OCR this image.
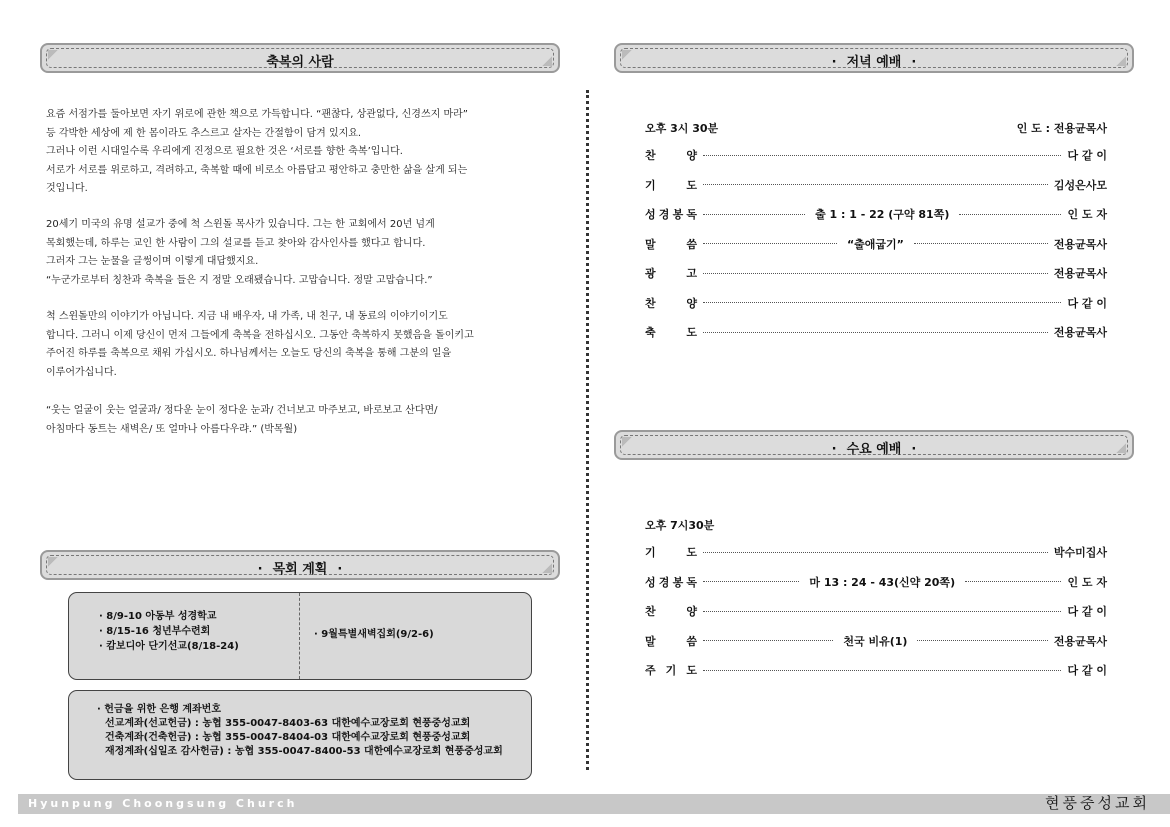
축복의 사람
요즘 서점가를 둘아보면 자기 위로에 관한 책으로 가득합니다. “괜찮다, 상관없다, 신경쓰지 마라”
등 각박한 세상에 제 한 몸이라도 추스르고 살자는 간절함이 담겨 있지요.
그러나 이런 시대일수록 우리에게 진정으로 필요한 것은 ‘서로를 향한 축복’입니다.
서로가 서로를 위로하고, 격려하고, 축복할 때에 비로소 아름답고 평안하고 충만한 삶을 살게 되는
것입니다.
20세기 미국의 유명 설교가 중에 척 스윈돌 목사가 있습니다. 그는 한 교회에서 20년 넘게
목회했는데, 하루는 교인 한 사람이 그의 설교를 듣고 찾아와 감사인사를 했다고 합니다.
그러자 그는 눈물을 글썽이며 이렇게 대답했지요.
“누군가로부터 칭찬과 축복을 들은 지 정말 오래됐습니다. 고맙습니다. 정말 고맙습니다.”
척 스윈돌만의 이야기가 아닙니다. 지금 내 배우자, 내 가족, 내 친구, 내 동료의 이야기이기도
합니다. 그러니 이제 당신이 먼저 그들에게 축복을 전하십시오. 그동안 축복하지 못했음을 돌이키고
주어진 하루를 축복으로 채워 가십시오. 하나님께서는 오늘도 당신의 축복을 통해 그분의 일을
이루어가십니다.
“웃는 얼굴이 웃는 얼굴과/ 정다운 눈이 정다운 눈과/ 건너보고 마주보고, 바로보고 산다면/
아침마다 동트는 새벽은/ 또 얼마나 아름다우랴.” (박목월)
· 목회 계획 ·
· 8/9-10 아동부 성경학교
· 8/15-16 청년부수련회
· 캄보디아 단기선교(8/18-24)
· 9월특별새벽집회(9/2-6)
· 헌금을 위한 은행 계좌번호
선교계좌(선교헌금) : 농협 355-0047-8403-63 대한예수교장로회 현풍중성교회
건축계좌(건축헌금) : 농협 355-0047-8404-03 대한예수교장로회 현풍중성교회
재정계좌(십일조 감사헌금) : 농협 355-0047-8400-53 대한예수교장로회 현풍중성교회
· 저녁 예배 ·
오후 3시 30분	인 도 : 전용균목사
찬	양	다 같 이
기	도	김성은사모
성 경 봉 독	출 1 : 1 - 22 (구약 81쪽)	인 도 자
말	씀	“출애굽기”	전용균목사
광	고	전용균목사
찬	양	다 같 이
축	도	전용균목사
· 수요 예배 ·
오후 7시30분
기	도	박수미집사
성 경 봉 독	마 13 : 24 - 43(신약 20쪽)	인 도 자
찬	양	다 같 이
말	씀	천국 비유(1)	전용균목사
주 기 도	다 같 이
Hyunpung Choongsung Church	현풍중성교회
